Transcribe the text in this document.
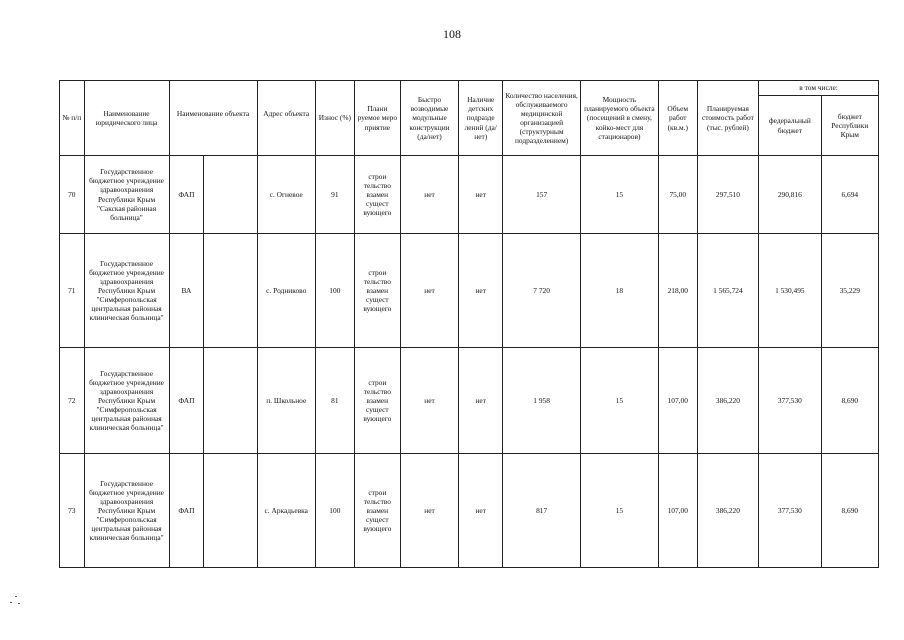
108
№ п/п	Наименование юридического лица	Наименование объекта		Адрес объекта	Износ (%)	Плани руемое меро приятие	Быстро возводимые модульные конструкции (да/нет)	Наличие детских подразде лений (да/нет)	Количество населения, обслуживаемого медицинской организацией (структурным подразделением)	Мощность планируемого объекта (посещений в смену, койко-мест для стационаров)	Объем работ (кв.м.)	Планируемая стоимость работ (тыс. рублей)	в том числе:	
													федеральный бюджет	бюджет Республики Крым
70	Государственное бюджетное учреждение здравоохранения Республики Крым "Сакская районная больница"	ФАП		с. Огневое	91	строи тельство взамен сущест вующего	нет	нет	157	15	75,00	297,510	290,816	6,694
71	Государственное бюджетное учреждение здравоохранения Республики Крым "Симферопольская центральная районная клиническая больница"	ВА		с. Родниково	100	строи тельство взамен сущест вующего	нет	нет	7 720	18	218,00	1 565,724	1 530,495	35,229
72	Государственное бюджетное учреждение здравоохранения Республики Крым "Симферопольская центральная районная клиническая больница"	ФАП		п. Школьное	81	строи тельство взамен сущест вующего	нет	нет	1 958	15	107,00	386,220	377,530	8,690
73	Государственное бюджетное учреждение здравоохранения Республики Крым "Симферопольская центральная районная клиническая больница"	ФАП		с. Аркадьевка	100	строи тельство взамен сущест вующего	нет	нет	817	15	107,00	386,220	377,530	8,690
